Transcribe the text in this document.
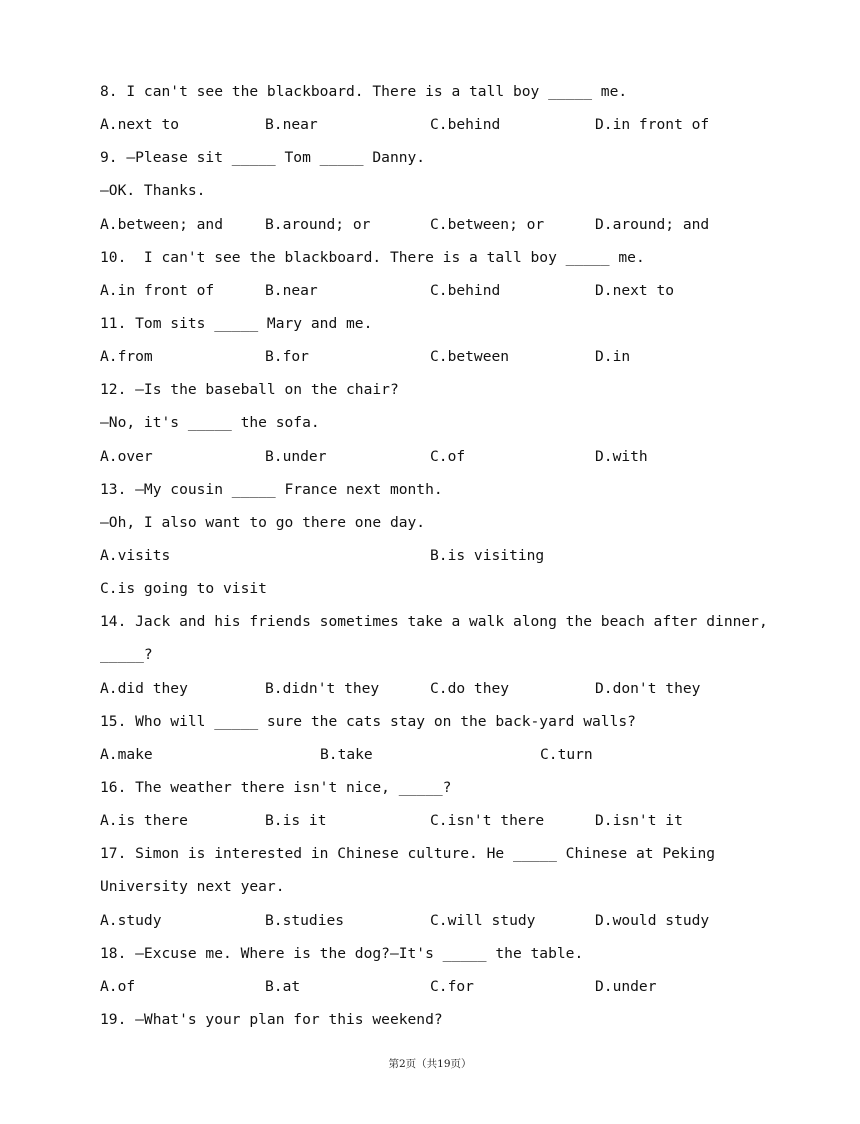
8. I can't see the blackboard. There is a tall boy _____ me.

A.next to

	B.near

	C.behind

	D.in front of

9. —Please sit _____ Tom _____ Danny.
—OK. Thanks.

A.between; and

	B.around; or

	C.between; or

	D.around; and

10.  I can't see the blackboard. There is a tall boy _____ me.

A.in front of

	B.near

	C.behind

	D.next to

11. Tom sits _____ Mary and me.

A.from

	B.for

	C.between

	D.in

12. —Is the baseball on the chair?
—No, it's _____ the sofa.

A.over

	B.under

	C.of

	D.with

13. —My cousin _____ France next month.
—Oh, I also want to go there one day.

A.visits

	B.is visiting

C.is going to visit

14. Jack and his friends sometimes take a walk along the beach after dinner,
_____?

A.did they

	B.didn't they

	C.do they

	D.don't they

15. Who will _____ sure the cats stay on the back-yard walls?

A.make

	B.take

	C.turn

16. The weather there isn't nice, _____?

A.is there

	B.is it

	C.isn't there

	D.isn't it

17. Simon is interested in Chinese culture. He _____ Chinese at Peking
University next year.

A.study

	B.studies

	C.will study

	D.would study

18. —Excuse me. Where is the dog?—It's _____ the table.

A.of

	B.at

	C.for

	D.under

19. —What's your plan for this weekend?
第2页（共19页）
